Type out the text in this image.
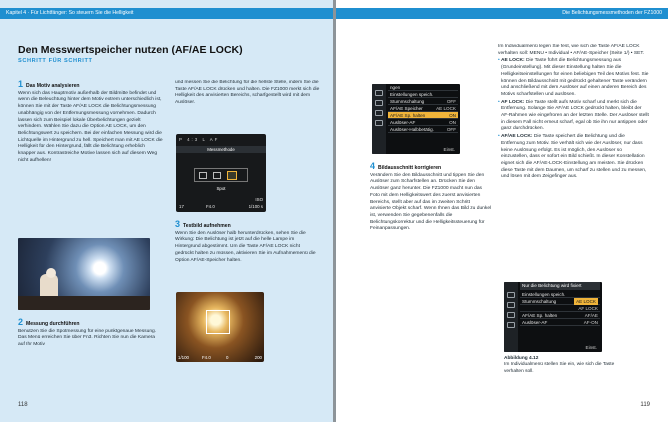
Kapitel 4 · Für Lichtfänger: So steuern Sie die Helligkeit
Den Messwertspeicher nutzen (AF/AE LOCK)
SCHRITT FÜR SCHRITT
1 Das Motiv analysieren

Wenn sich das Hauptmotiv außerhalb der Bildmitte befindet und wenn die Beleuchtung hinter dem Motiv extrem unterschiedlich ist, können Sie mit der Taste AF/AE LOCK die Belichtungsmessung unabhängig von der Entfernungsmessung vornehmen. Dadurch lassen sich zum Beispiel lokale Überbelichtungen gezielt verhindern. Wählen Sie dazu die Option AE LOCK, um den Belichtungswert zu speichern. Bei der einfachen Messung wird die Lichtquelle im Hintergrund zu hell. Speichert man mit AE LOCK die Helligkeit für den Hintergrund, fällt die Belichtung erheblich knapper aus. Kontrastreiche Motive lassen sich auf diesem Weg nicht aufhellen!

2 Messung durchführen

Benutzen Sie die Spotmessung für eine punktgenaue Messung. Das Menü erreichen Sie über Fn3. Richten Sie nun die Kamera auf Ihr Motiv

und messen Sie die Belichtung für die hellste Stelle, indem Sie die Taste AF/AE LOCK drücken und halten. Die FZ1000 merkt sich die Helligkeit des anvisierten Bereichs, scharfgestellt wird mit dem Auslöser.

P 4:3 L AF
Messmethode
Spot
17	F4.0	1/100 s
ISO
3 Testbild aufnehmen

Wenn Sie den Auslöser halb herunterdrücken, sehen Sie die Wirkung: Die Belichtung ist jetzt auf die helle Lampe im Hintergrund abgestimmt. Um die Taste AF/AE LOCK nicht gedrückt halten zu müssen, aktivieren Sie im Aufnahmemenü die Option AF/AE-Speicher halten.

1/100	F4.0	0	200
118
Die Belichtungsmessmethoden der FZ1000
ngen
Einstellungen speich.
Stummschaltung	OFF
AF/AE Speicher	AE LOCK
AF/AE Sp. halten	ON
Auslöser-AF	ON
Auslöser-Halbbetätig.	OFF
Einst.
4 Bildausschnitt korrigieren

Verändern Sie den Bildausschnitt und tippen Sie den Auslöser zum Scharfstellen an. Drücken Sie den Auslöser ganz herunter. Die FZ1000 macht nun das Foto mit dem Helligkeitswert des zuerst anvisierten Bereichs, stellt aber auf das im zweiten Schritt anvisierte Objekt scharf. Wenn Ihnen das Bild zu dunkel ist, verwenden Sie gegebenenfalls die Belichtungskorrektur und die Helligkeitssteuerung für Feinanpassungen.

Im Individualmenü legen Sie fest, wie sich die Taste AF/AE LOCK verhalten soll: MENU • Individual • AF/AE-Speicher (Seite 1/) • SET.

• AE LOCK: Die Taste führt die Belichtungsmessung aus (Grundeinstellung). Mit dieser Einstellung halten Sie die Helligkeitseinstellungen für einen beliebigen Teil des Motivs fest. Sie können den Bildausschnitt mit gedrückt gehaltener Taste verändern und anschließend mit dem Auslöser auf einen anderen Bereich des Motivs scharfstellen und auslösen.
• AF LOCK: Die Taste stellt aufs Motiv scharf und merkt sich die Entfernung. Solange Sie AF/AE LOCK gedrückt halten, bleibt der AF-Rahmen wie eingefroren an der letzten Stelle. Der Auslöser stellt in diesem Fall nicht erneut scharf, egal ob Sie ihn nur antippen oder ganz durchdrücken.
• AF/AE LOCK: Die Taste speichert die Belichtung und die Entfernung zum Motiv. Sie verhält sich wie der Auslöser, nur dass keine Auslösung erfolgt. Es ist möglich, den Auslöser so einzustellen, dass er sofort ein Bild schießt. In dieser Konstellation eignet sich die AF/AE-LOCK-Einstellung am meisten. Sie drücken diese Taste mit dem Daumen, um scharf zu stellen und zu messen, und lösen mit dem Zeigefinger aus.
Nur die Belichtung wird fixiert
Einstellungen speich.
Stummschaltung	AE LOCK
AF LOCK
AF/AE Sp. halten	AF/AE
Auslöser-AF	AF-ON
Einst.
Abbildung 4.12
Im Individualmenü stellen Sie ein, wie sich die Taste verhalten soll.
119
